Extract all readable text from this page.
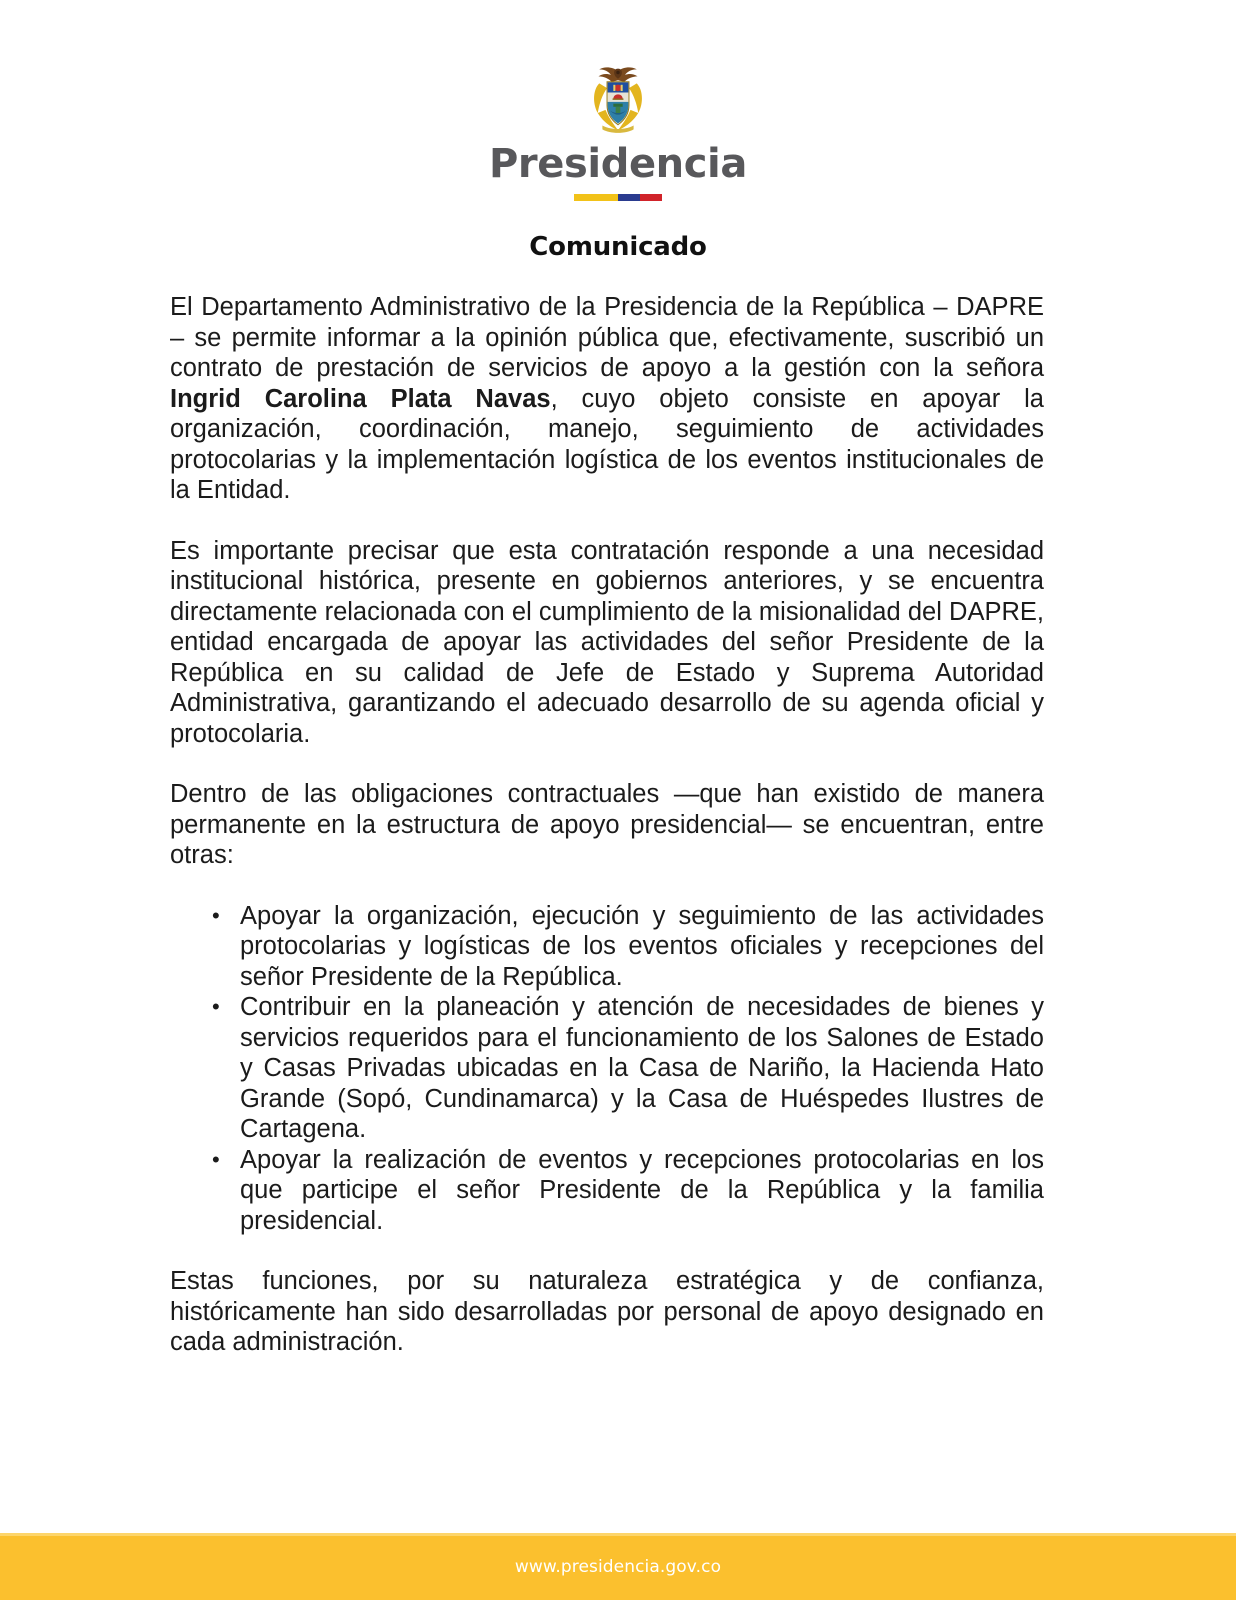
Presidencia
Comunicado

El Departamento Administrativo de la Presidencia de la República – DAPRE – se permite informar a la opinión pública que, efectivamente, suscribió un contrato de prestación de servicios de apoyo a la gestión con la señora Ingrid Carolina Plata Navas, cuyo objeto consiste en apoyar la organización, coordinación, manejo, seguimiento de actividades protocolarias y la implementación logística de los eventos institucionales de la Entidad.

Es importante precisar que esta contratación responde a una necesidad institucional histórica, presente en gobiernos anteriores, y se encuentra directamente relacionada con el cumplimiento de la misionalidad del DAPRE, entidad encargada de apoyar las actividades del señor Presidente de la República en su calidad de Jefe de Estado y Suprema Autoridad Administrativa, garantizando el adecuado desarrollo de su agenda oficial y protocolaria.

Dentro de las obligaciones contractuales —que han existido de manera permanente en la estructura de apoyo presidencial— se encuentran, entre otras:

• Apoyar la organización, ejecución y seguimiento de las actividades protocolarias y logísticas de los eventos oficiales y recepciones del señor Presidente de la República.
• Contribuir en la planeación y atención de necesidades de bienes y servicios requeridos para el funcionamiento de los Salones de Estado y Casas Privadas ubicadas en la Casa de Nariño, la Hacienda Hato Grande (Sopó, Cundinamarca) y la Casa de Huéspedes Ilustres de Cartagena.
• Apoyar la realización de eventos y recepciones protocolarias en los que participe el señor Presidente de la República y la familia presidencial.

Estas funciones, por su naturaleza estratégica y de confianza, históricamente han sido desarrolladas por personal de apoyo designado en cada administración.

www.presidencia.gov.co
